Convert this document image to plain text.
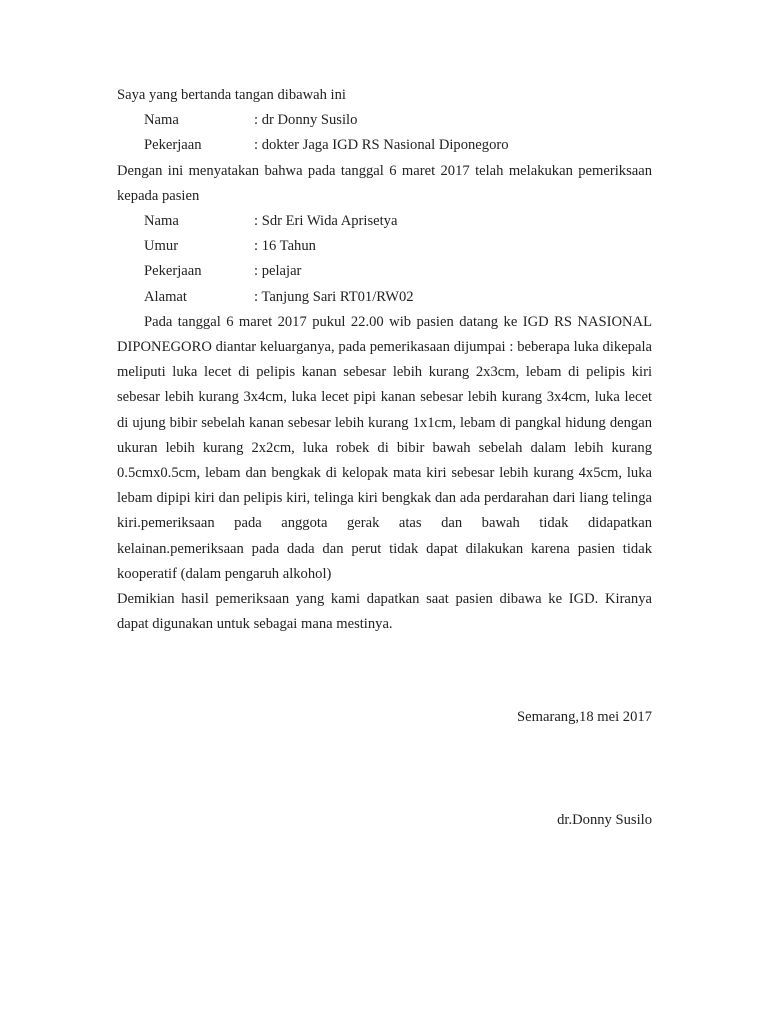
Saya yang bertanda tangan dibawah ini

Nama	: dr Donny Susilo
Pekerjaan	: dokter Jaga IGD RS Nasional Diponegoro

Dengan ini menyatakan bahwa pada tanggal 6 maret 2017 telah melakukan pemeriksaan kepada pasien

Nama	: Sdr Eri Wida Aprisetya
Umur	: 16 Tahun
Pekerjaan	: pelajar
Alamat	: Tanjung Sari RT01/RW02

Pada tanggal 6 maret 2017 pukul 22.00 wib pasien datang ke IGD RS NASIONAL DIPONEGORO diantar keluarganya, pada pemerikasaan dijumpai : beberapa luka dikepala meliputi luka lecet di pelipis kanan sebesar lebih kurang 2x3cm, lebam di pelipis kiri sebesar lebih kurang 3x4cm, luka lecet pipi kanan sebesar lebih kurang 3x4cm, luka lecet di ujung bibir sebelah kanan sebesar lebih kurang 1x1cm, lebam di pangkal hidung dengan ukuran lebih kurang 2x2cm, luka robek di bibir bawah sebelah dalam lebih kurang 0.5cmx0.5cm, lebam dan bengkak di kelopak mata kiri sebesar lebih kurang 4x5cm, luka lebam dipipi kiri dan pelipis kiri, telinga kiri bengkak dan ada perdarahan dari liang telinga kiri.pemeriksaan pada anggota gerak atas dan bawah tidak didapatkan kelainan.pemeriksaan pada dada dan perut tidak dapat dilakukan karena pasien tidak kooperatif (dalam pengaruh alkohol)

Demikian hasil pemeriksaan yang kami dapatkan saat pasien dibawa ke IGD. Kiranya dapat digunakan untuk sebagai mana mestinya.

Semarang,18 mei 2017

dr.Donny Susilo
